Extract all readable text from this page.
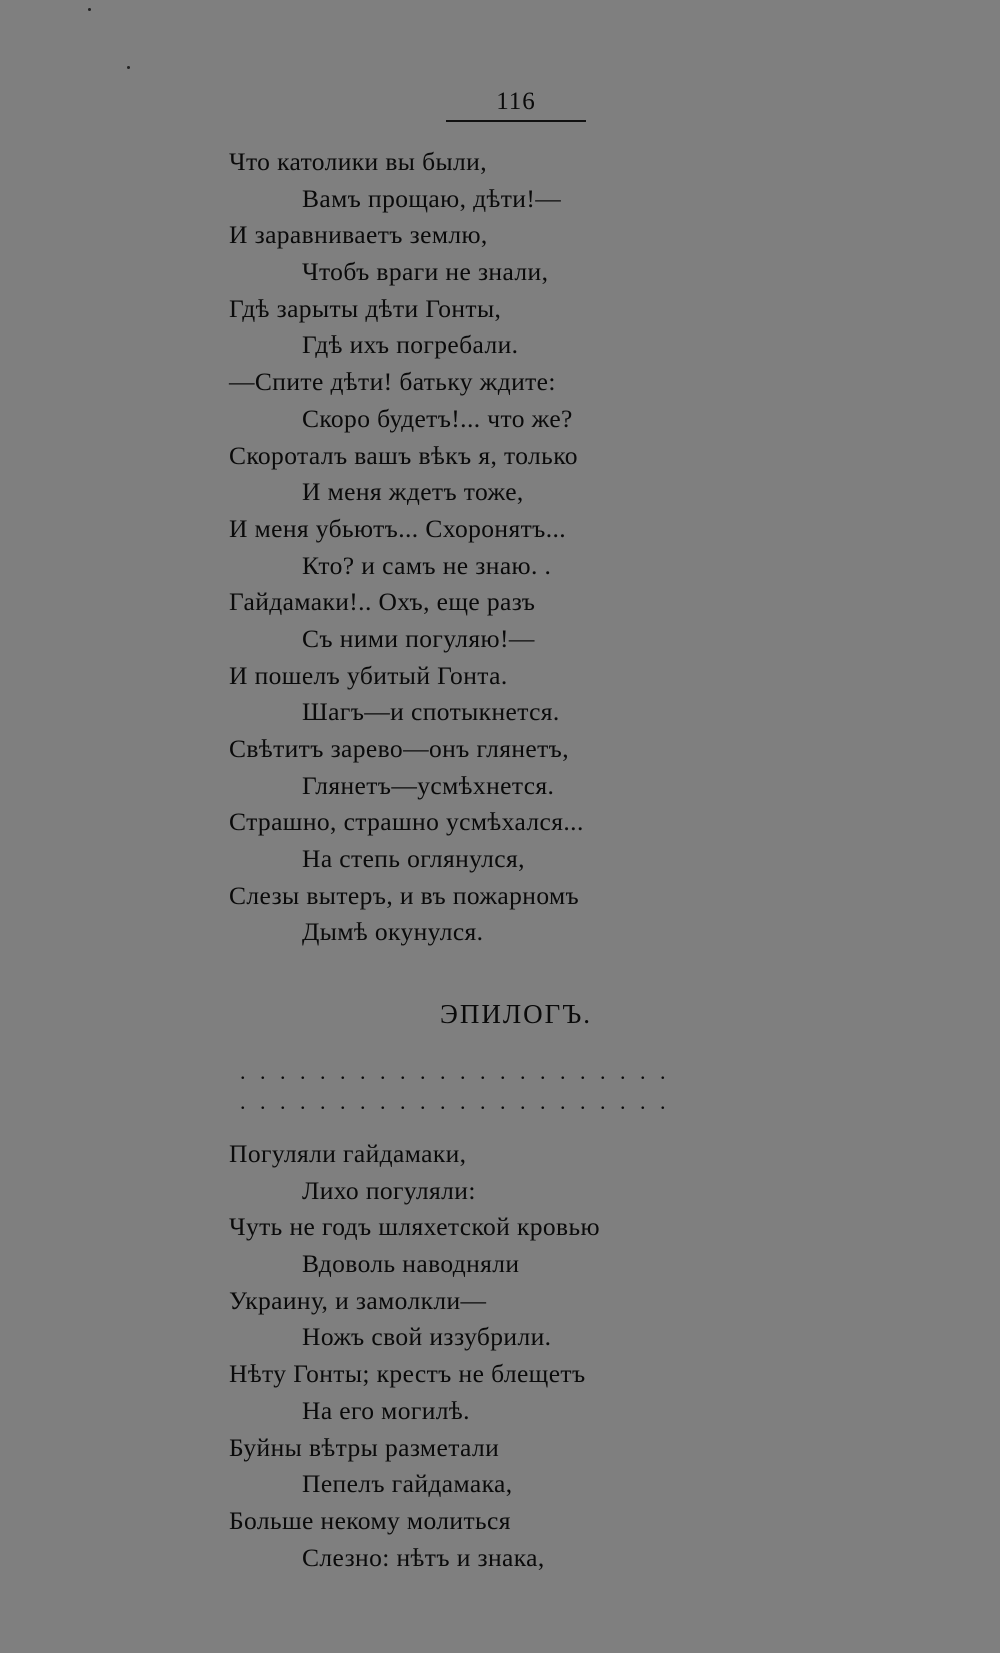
116
Что католики вы были,
Вамъ прощаю, дѣти!—
И заравниваетъ землю,
Чтобъ враги не знали,
Гдѣ зарыты дѣти Гонты,
Гдѣ ихъ погребали.
—Спите дѣти! батьку ждите:
Скоро будетъ!... что же?
Скороталъ вашъ вѣкъ я, только
И меня ждетъ тоже,
И меня убьютъ... Схоронятъ...
Кто? и самъ не знаю. .
Гайдамаки!.. Охъ, еще разъ
Съ ними погуляю!—
И пошелъ убитый Гонта.
Шагъ—и спотыкнется.
Свѣтитъ зарево—онъ глянетъ,
Глянетъ—усмѣхнется.
Страшно, страшно усмѣхался...
На степь оглянулся,
Слезы вытеръ, и въ пожарномъ
Дымѣ окунулся.
ЭПИЛОГЪ.
......................
......................
Погуляли гайдамаки,
Лихо погуляли:
Чуть не годъ шляхетской кровью
Вдоволь наводняли
Украину, и замолкли—
Ножъ свой иззубрили.
Нѣту Гонты; крестъ не блещетъ
На его могилѣ.
Буйны вѣтры разметали
Пепелъ гайдамака,
Больше некому молиться
Слезно: нѣтъ и знака,
